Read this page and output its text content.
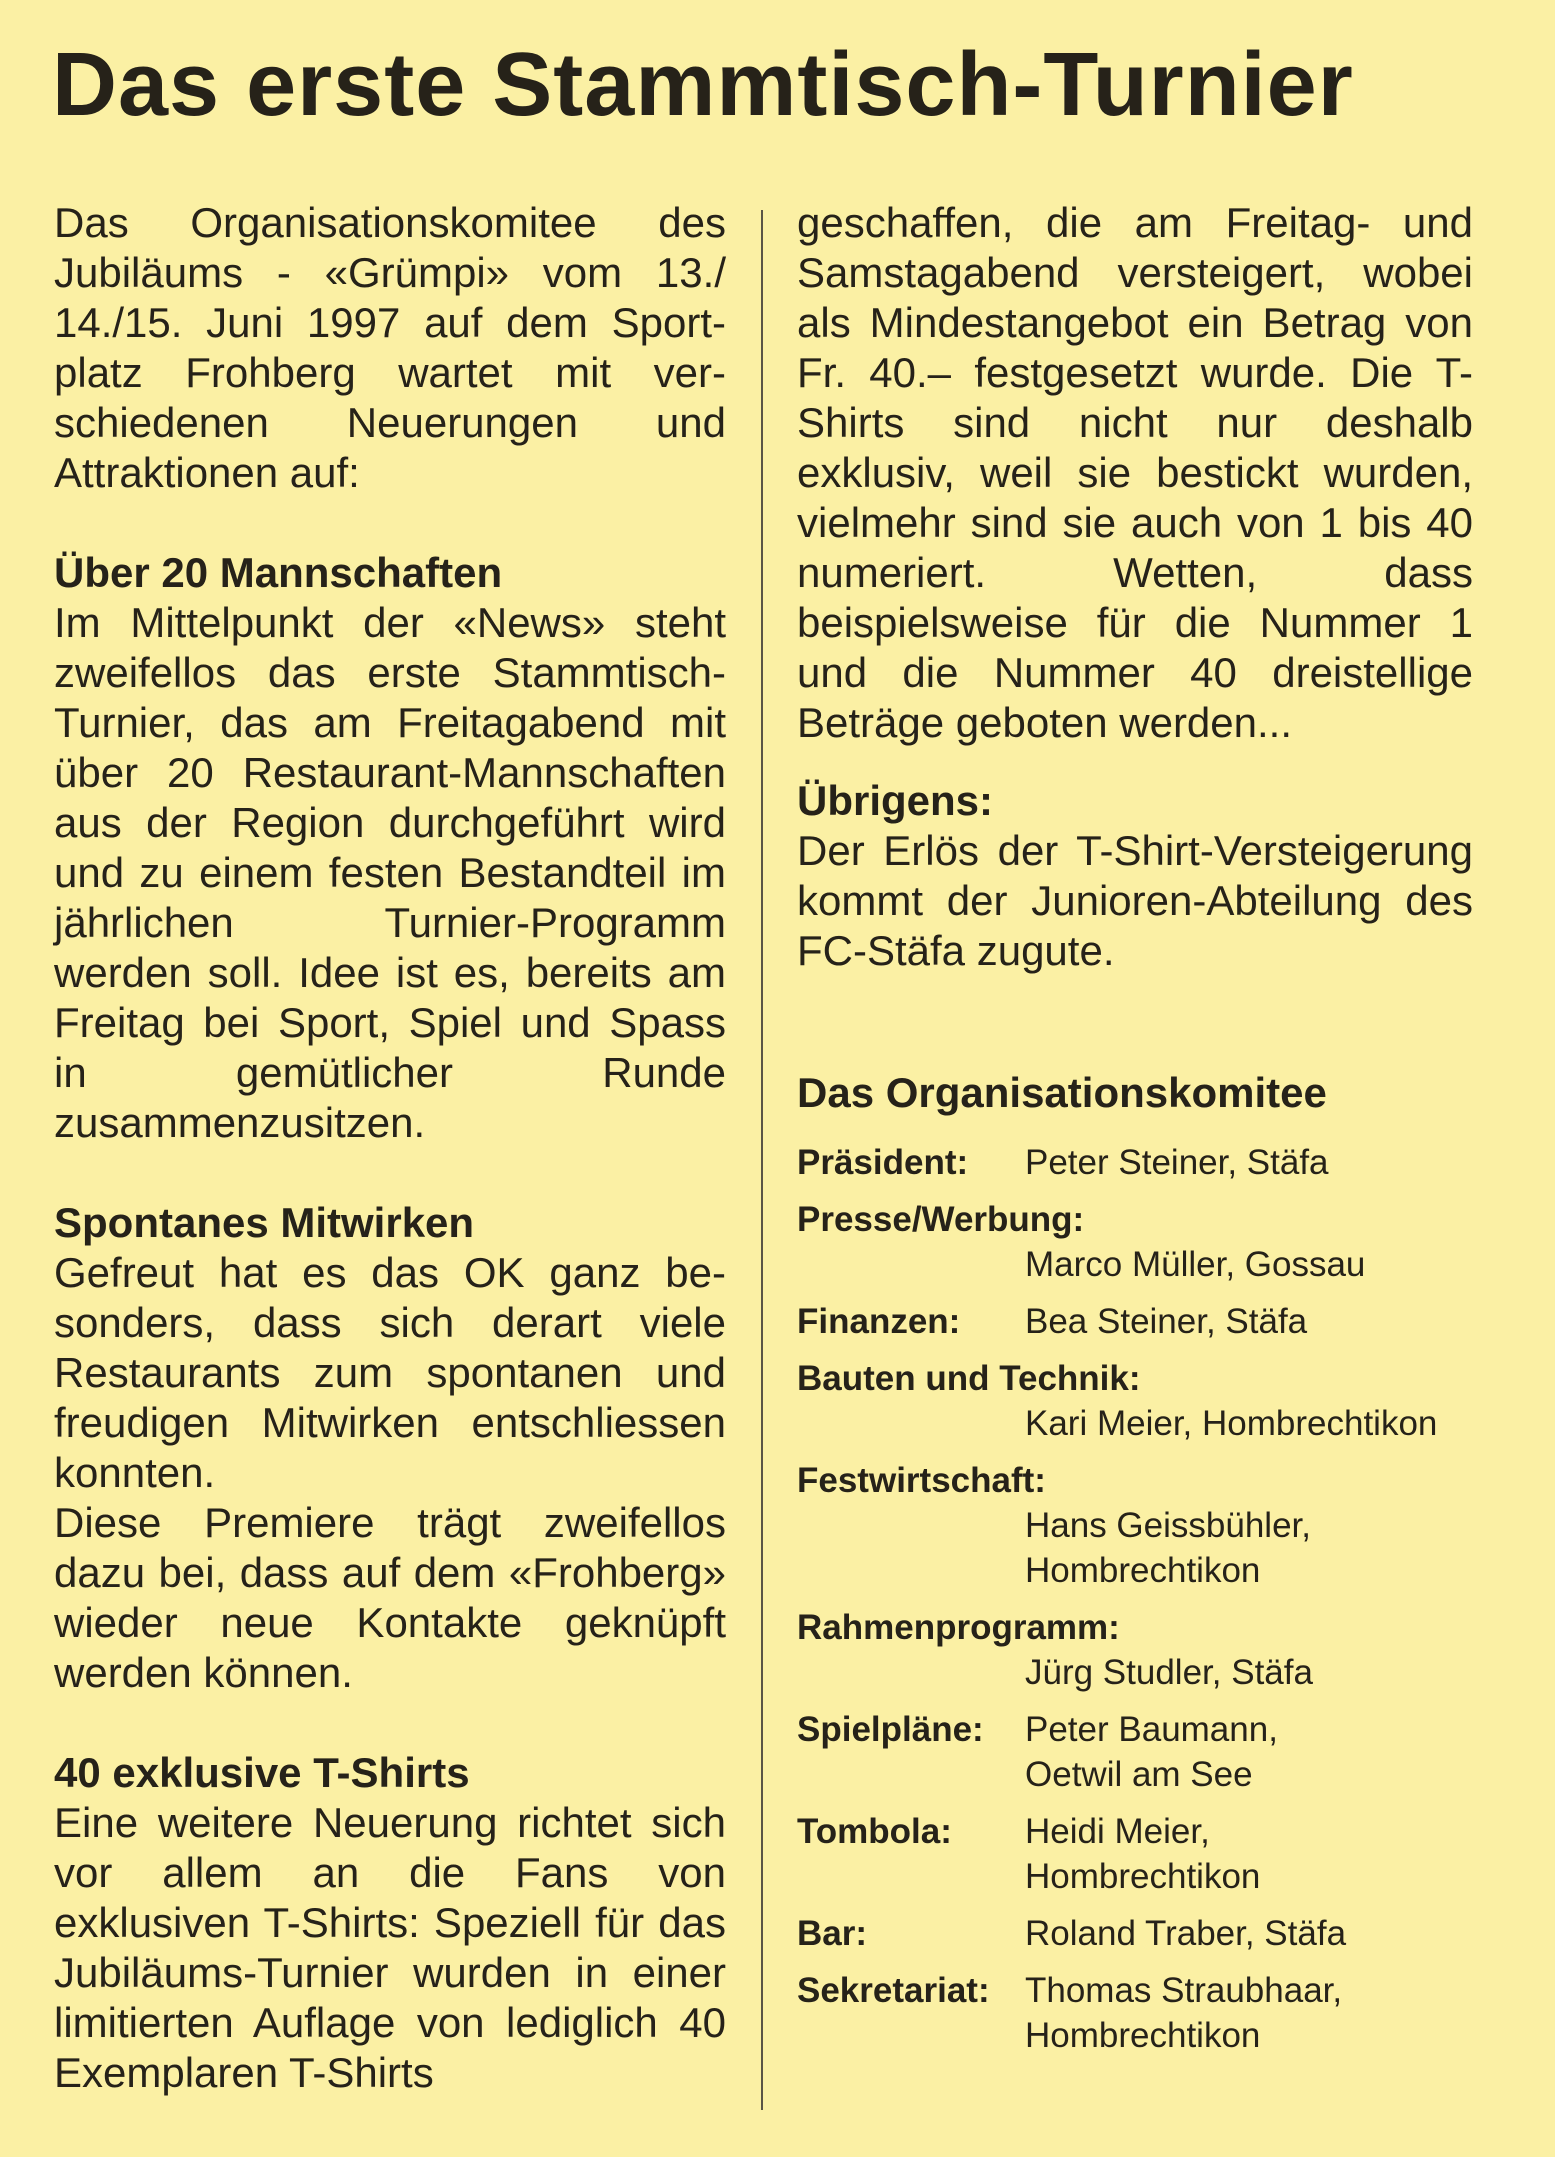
Das erste Stammtisch-Turnier

Das Organisationskomitee des Jubiläums - «Grümpi» vom 13./ 14./15. Juni 1997 auf dem Sportplatz Frohberg wartet mit verschiedenen Neuerungen und Attraktionen auf:

Über 20 Mannschaften

Im Mittelpunkt der «News» steht zweifellos das erste Stammtisch-Turnier, das am Freitagabend mit über 20 Restaurant-Mannschaften aus der Region durchgeführt wird und zu einem festen Bestandteil im jährlichen Turnier-Programm werden soll. Idee ist es, bereits am Freitag bei Sport, Spiel und Spass in gemütlicher Runde zusammenzusitzen.

Spontanes Mitwirken

Gefreut hat es das OK ganz besonders, dass sich derart viele Restaurants zum spontanen und freudigen Mitwirken entschliessen konnten.

Diese Premiere trägt zweifellos dazu bei, dass auf dem «Frohberg» wieder neue Kontakte geknüpft werden können.

40 exklusive T-Shirts

Eine weitere Neuerung richtet sich vor allem an die Fans von exklusiven T-Shirts: Speziell für das Jubiläums-Turnier wurden in einer limitierten Auflage von lediglich 40 Exemplaren T-Shirts

geschaffen, die am Freitag- und Samstagabend versteigert, wobei als Mindestangebot ein Betrag von Fr. 40.– festgesetzt wurde. Die T-Shirts sind nicht nur deshalb exklusiv, weil sie bestickt wurden, vielmehr sind sie auch von 1 bis 40 numeriert. Wetten, dass beispielsweise für die Nummer 1 und die Nummer 40 dreistellige Beträge geboten werden...

Übrigens:

Der Erlös der T-Shirt-Versteigerung kommt der Junioren-Abteilung des FC-Stäfa zugute.

Das Organisationskomitee
Präsident:	Peter Steiner, Stäfa
Presse/Werbung:
Marco Müller, Gossau
Finanzen:	Bea Steiner, Stäfa
Bauten und Technik:
Kari Meier, Hombrechtikon
Festwirtschaft:
Hans Geissbühler,
Hombrechtikon
Rahmenprogramm:
Jürg Studler, Stäfa
Spielpläne:	Peter Baumann,
Oetwil am See
Tombola:	Heidi Meier,
Hombrechtikon
Bar:	Roland Traber, Stäfa
Sekretariat:	Thomas Straubhaar,
Hombrechtikon
